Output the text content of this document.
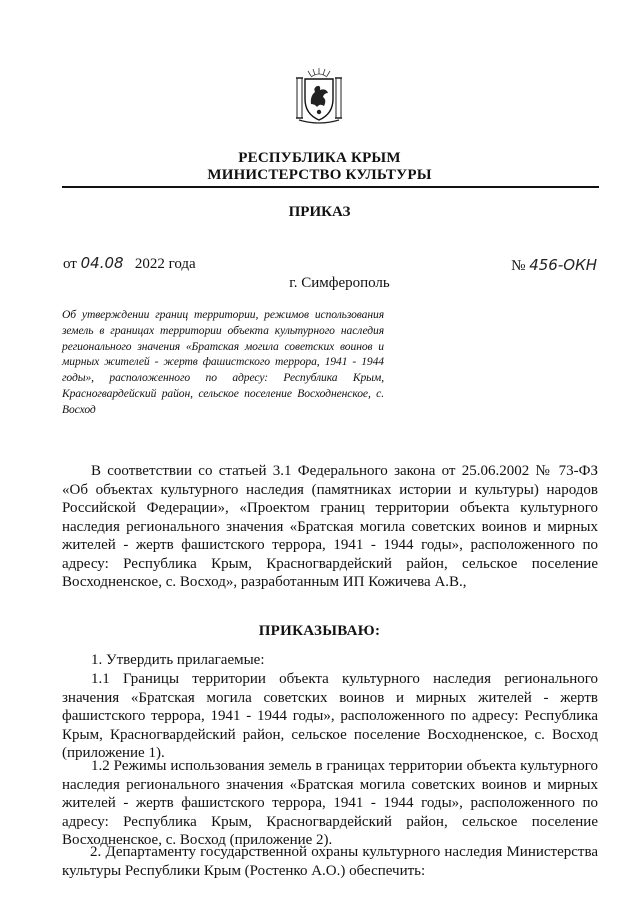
РЕСПУБЛИКА КРЫМ
МИНИСТЕРСТВО КУЛЬТУРЫ
ПРИКАЗ
от 04.08 2022 года	№ 456-ОКН
г. Симферополь
Об утверждении границ территории, режимов использования земель в границах территории объекта культурного наследия регионального значения «Братская могила советских воинов и мирных жителей - жертв фашистского террора, 1941 - 1944 годы», расположенного по адресу: Республика Крым, Красногвардейский район, сельское поселение Восходненское, с. Восход
В соответствии со статьей 3.1 Федерального закона от 25.06.2002 № 73-ФЗ «Об объектах культурного наследия (памятниках истории и культуры) народов Российской Федерации», «Проектом границ территории объекта культурного наследия регионального значения «Братская могила советских воинов и мирных жителей - жертв фашистского террора, 1941 - 1944 годы», расположенного по адресу: Республика Крым, Красногвардейский район, сельское поселение Восходненское, с. Восход», разработанным ИП Кожичева А.В.,
ПРИКАЗЫВАЮ:
1. Утвердить прилагаемые:
1.1 Границы территории объекта культурного наследия регионального значения «Братская могила советских воинов и мирных жителей - жертв фашистского террора, 1941 - 1944 годы», расположенного по адресу: Республика Крым, Красногвардейский район, сельское поселение Восходненское, с. Восход (приложение 1).
1.2 Режимы использования земель в границах территории объекта культурного наследия регионального значения «Братская могила советских воинов и мирных жителей - жертв фашистского террора, 1941 - 1944 годы», расположенного по адресу: Республика Крым, Красногвардейский район, сельское поселение Восходненское, с. Восход (приложение 2).
2. Департаменту государственной охраны культурного наследия Министерства культуры Республики Крым (Ростенко А.О.) обеспечить:
